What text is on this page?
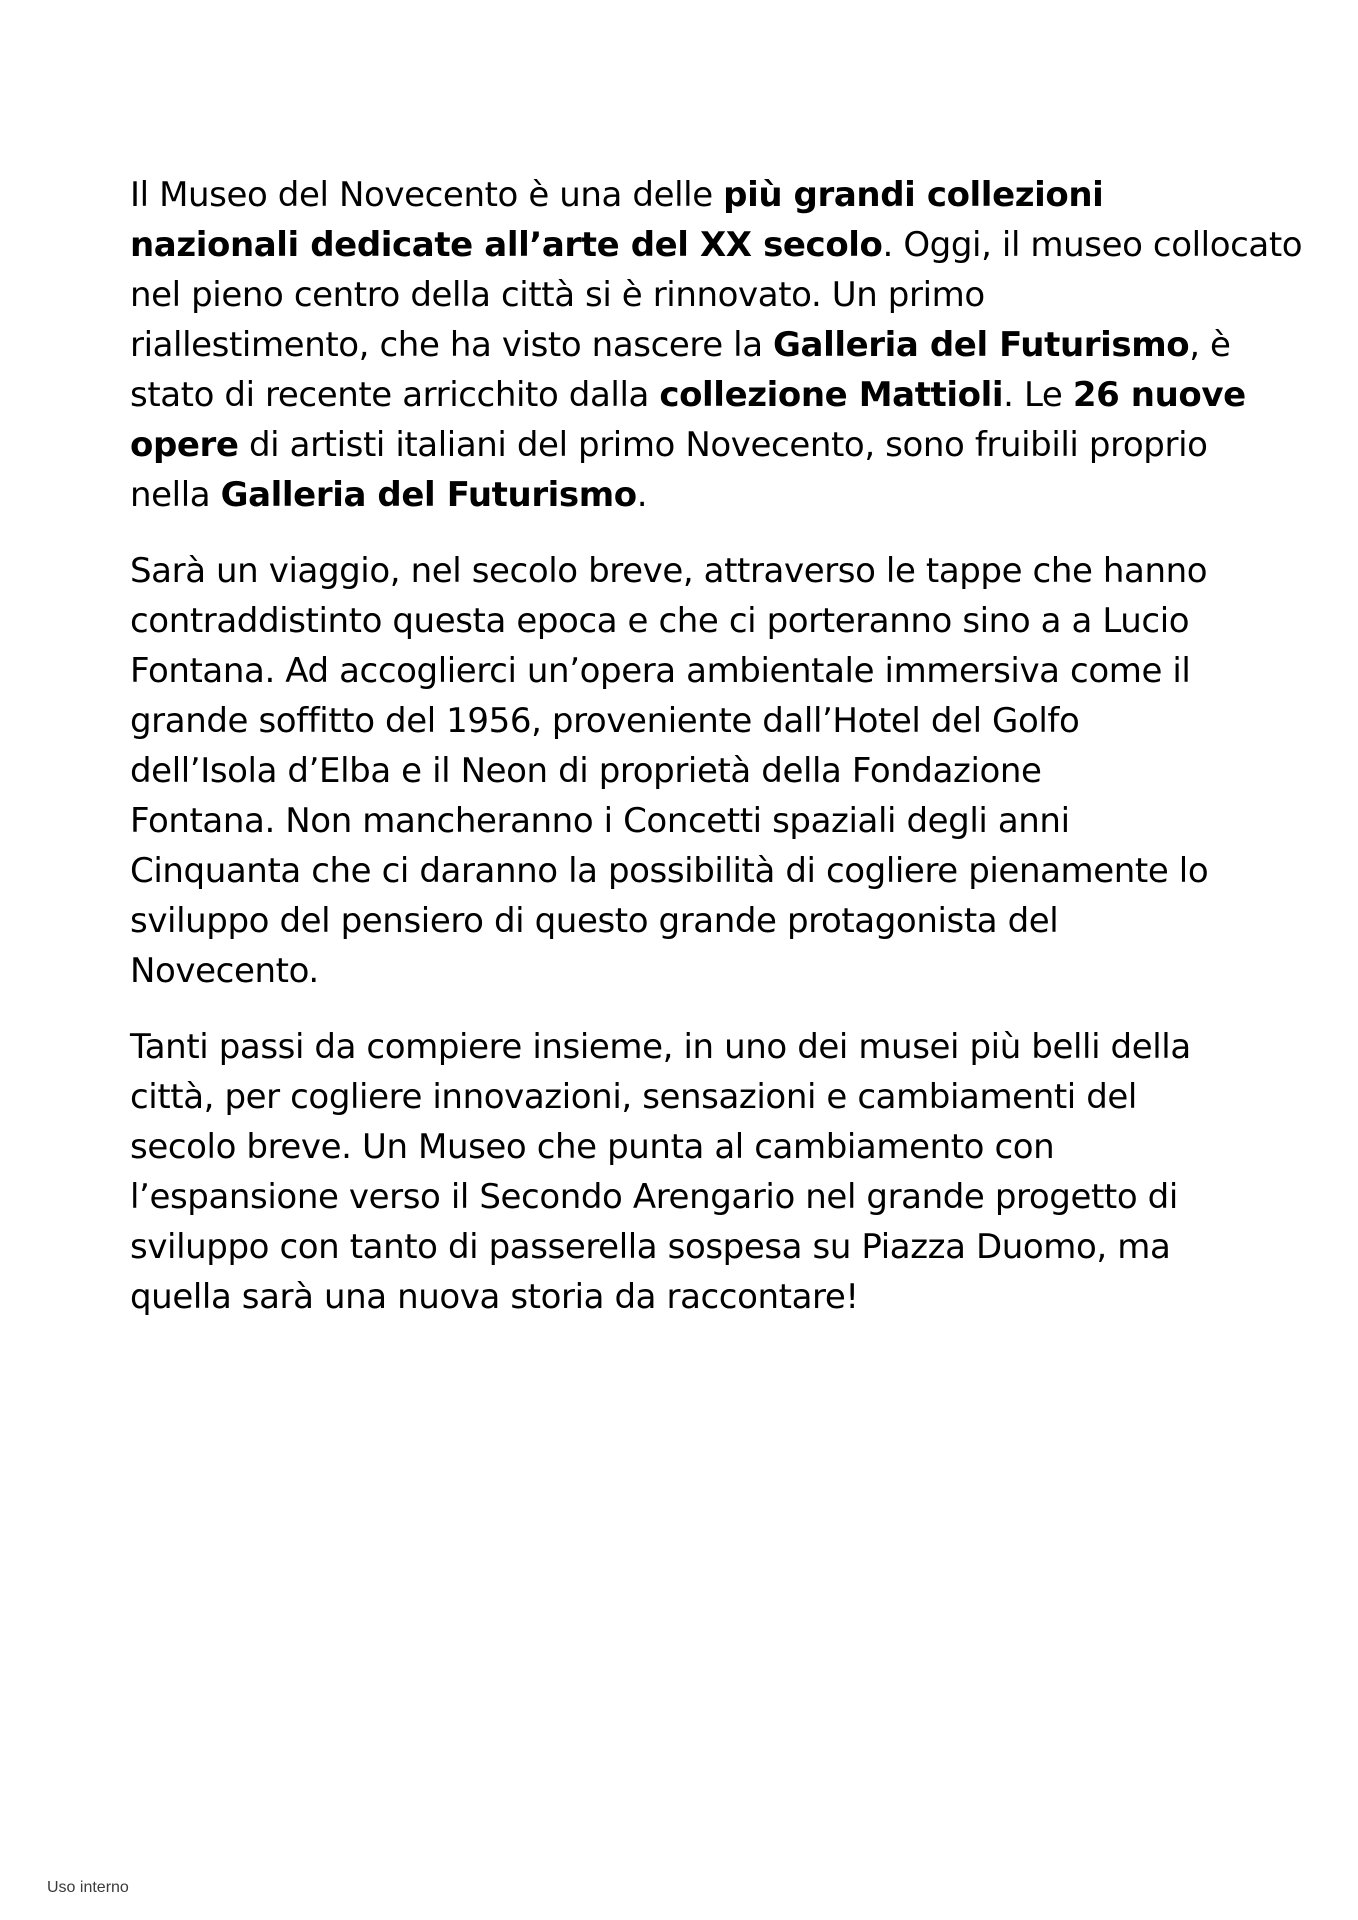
Il Museo del Novecento è una delle più grandi collezioni
nazionali dedicate all’arte del XX secolo. Oggi, il museo collocato
nel pieno centro della città si è rinnovato. Un primo
riallestimento, che ha visto nascere la Galleria del Futurismo, è
stato di recente arricchito dalla collezione Mattioli. Le 26 nuove
opere di artisti italiani del primo Novecento, sono fruibili proprio
nella Galleria del Futurismo.

Sarà un viaggio, nel secolo breve, attraverso le tappe che hanno
contraddistinto questa epoca e che ci porteranno sino a a Lucio
Fontana. Ad accoglierci un’opera ambientale immersiva come il
grande soffitto del 1956, proveniente dall’Hotel del Golfo
dell’Isola d’Elba e il Neon di proprietà della Fondazione
Fontana. Non mancheranno i Concetti spaziali degli anni
Cinquanta che ci daranno la possibilità di cogliere pienamente lo
sviluppo del pensiero di questo grande protagonista del
Novecento.

Tanti passi da compiere insieme, in uno dei musei più belli della
città, per cogliere innovazioni, sensazioni e cambiamenti del
secolo breve. Un Museo che punta al cambiamento con
l’espansione verso il Secondo Arengario nel grande progetto di
sviluppo con tanto di passerella sospesa su Piazza Duomo, ma
quella sarà una nuova storia da raccontare!

Uso interno
